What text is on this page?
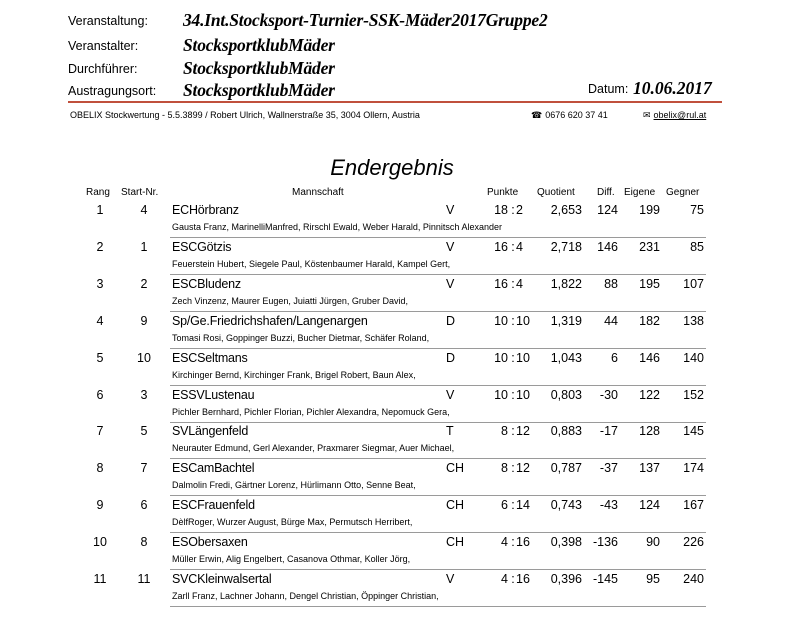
Veranstaltung: 34.Int.Stocksport-Turnier-SSK-Mäder2017Gruppe2
Veranstalter:	StocksportklubMäder
Durchführer:	StocksportklubMäder
Austragungsort: StocksportklubMäder	Datum: 10.06.2017
OBELIX Stockwertung - 5.5.3899 / Robert Ulrich, Wallnerstraße 35, 3004 Ollern, Austria	☎ 0676 620 37 41	✉ obelix@rul.at
Endergebnis
Rang Start-Nr.	Mannschaft	Punkte Quotient Diff. Eigene Gegner
1	4	ECHörbranz	V	18 : 2	2,653	124	199	75
Gausta Franz, MarinelliManfred, Rirschl Ewald, Weber Harald, Pinnitsch Alexander
2	1	ESCGötzis	V	16 : 4	2,718	146	231	85
Feuerstein Hubert, Siegele Paul, Köstenbaumer Harald, Kampel Gert,
3	2	ESCBludenz	V	16 : 4	1,822	88	195	107
Zech Vinzenz, Maurer Eugen, Juiatti Jürgen, Gruber David,
4	9	Sp/Ge.Friedrichshafen/Langenargen	D	10 : 10	1,319	44	182	138
Tomasi Rosi, Goppinger Buzzi, Bucher Dietmar, Schäfer Roland,
5	10	ESCSeltmans	D	10 : 10	1,043	6	146	140
Kirchinger Bernd, Kirchinger Frank, Brigel Robert, Baun Alex,
6	3	ESSVLustenau	V	10 : 10	0,803	-30	122	152
Pichler Bernhard, Pichler Florian, Pichler Alexandra, Nepomuck Gera,
7	5	SVLängenfeld	T	8 : 12	0,883	-17	128	145
Neurauter Edmund, Gerl Alexander, Praxmarer Siegmar, Auer Michael,
8	7	ESCamBachtel	CH	8 : 12	0,787	-37	137	174
Dalmolin Fredi, Gärtner Lorenz, Hürlimann Otto, Senne Beat,
9	6	ESCFrauenfeld	CH	6 : 14	0,743	-43	124	167
DèlfRoger, Wurzer August, Bürge Max, Permutsch Herribert,
10	8	ESObersaxen	CH	4 : 16	0,398 -136	90	226
Müller Erwin, Alig Engelbert, Casanova Othmar, Koller Jörg,
11	11	SVCKleinwalsertal	V	4 : 16	0,396 -145	95	240
Zarll Franz, Lachner Johann, Dengel Christian, Öppinger Christian,
